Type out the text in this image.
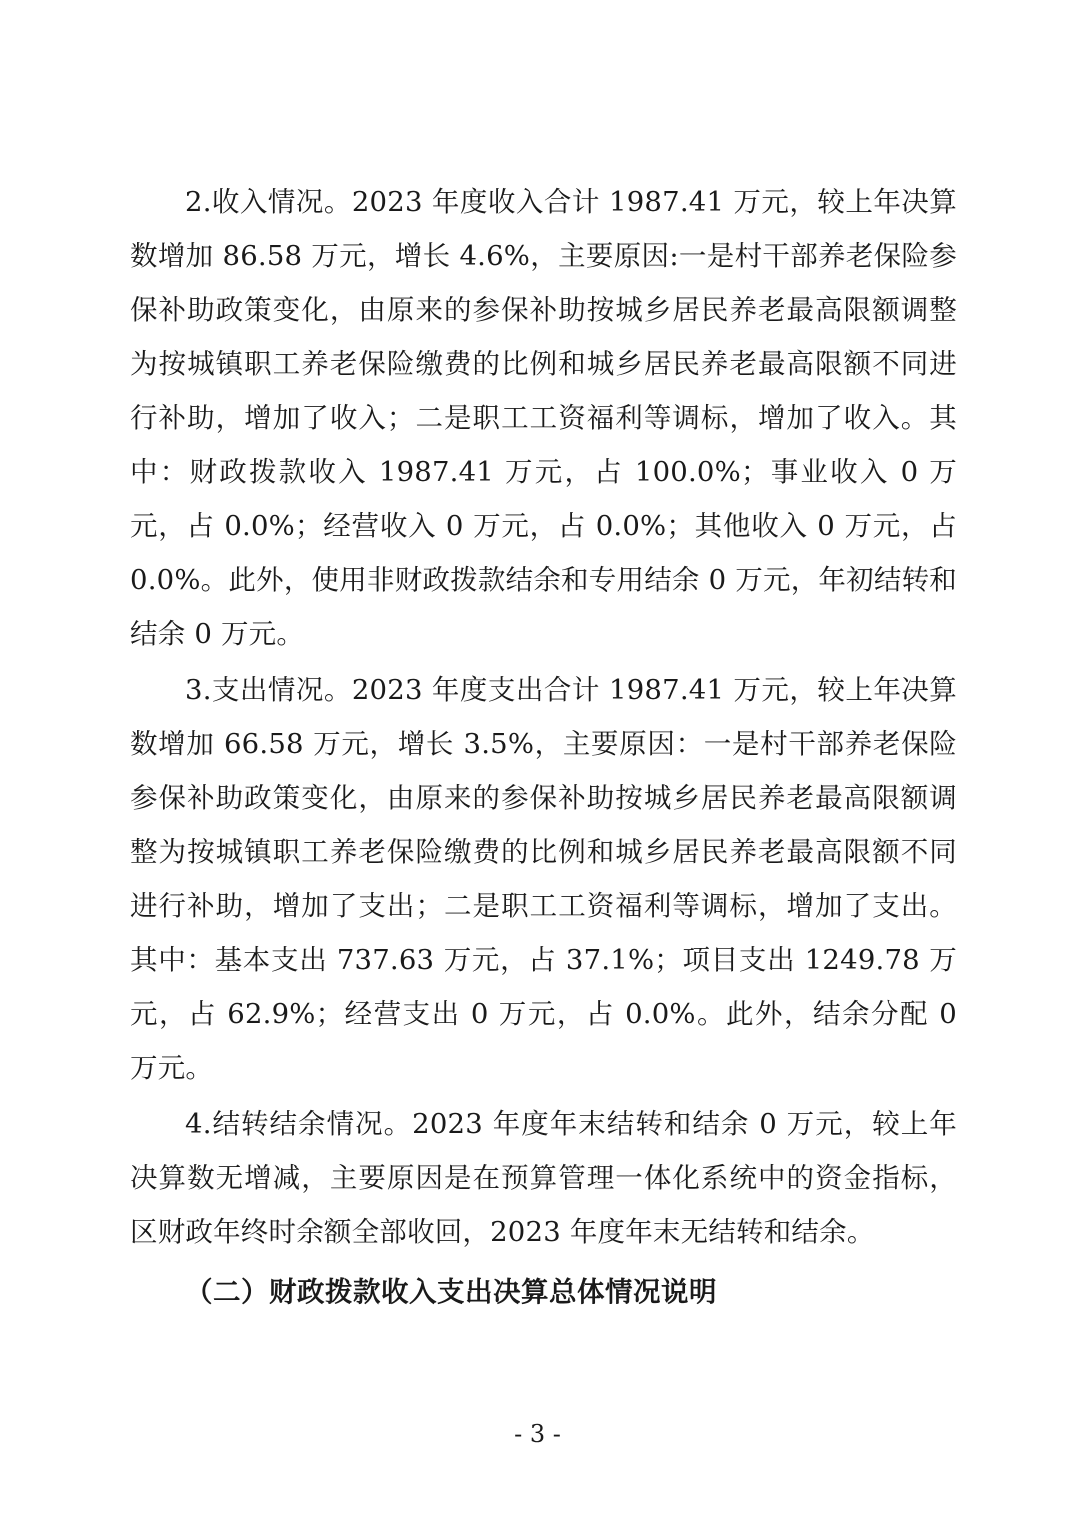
2.收入情况。2023 年度收入合计 1987.41 万元，较上年决算数增加 86.58 万元，增长 4.6%，主要原因:一是村干部养老保险参保补助政策变化，由原来的参保补助按城乡居民养老最高限额调整为按城镇职工养老保险缴费的比例和城乡居民养老最高限额不同进行补助，增加了收入；二是职工工资福利等调标，增加了收入。其中：财政拨款收入 1987.41 万元，占 100.0%；事业收入 0 万元，占 0.0%；经营收入 0 万元，占 0.0%；其他收入 0 万元，占 0.0%。此外，使用非财政拨款结余和专用结余 0 万元，年初结转和结余 0 万元。

3.支出情况。2023 年度支出合计 1987.41 万元，较上年决算数增加 66.58 万元，增长 3.5%，主要原因：一是村干部养老保险参保补助政策变化，由原来的参保补助按城乡居民养老最高限额调整为按城镇职工养老保险缴费的比例和城乡居民养老最高限额不同进行补助，增加了支出；二是职工工资福利等调标，增加了支出。其中：基本支出 737.63 万元，占 37.1%；项目支出 1249.78 万元，占 62.9%；经营支出 0 万元，占 0.0%。此外，结余分配 0 万元。

4.结转结余情况。2023 年度年末结转和结余 0 万元，较上年决算数无增减，主要原因是在预算管理一体化系统中的资金指标，区财政年终时余额全部收回，2023 年度年末无结转和结余。

（二）财政拨款收入支出决算总体情况说明

- 3 -
